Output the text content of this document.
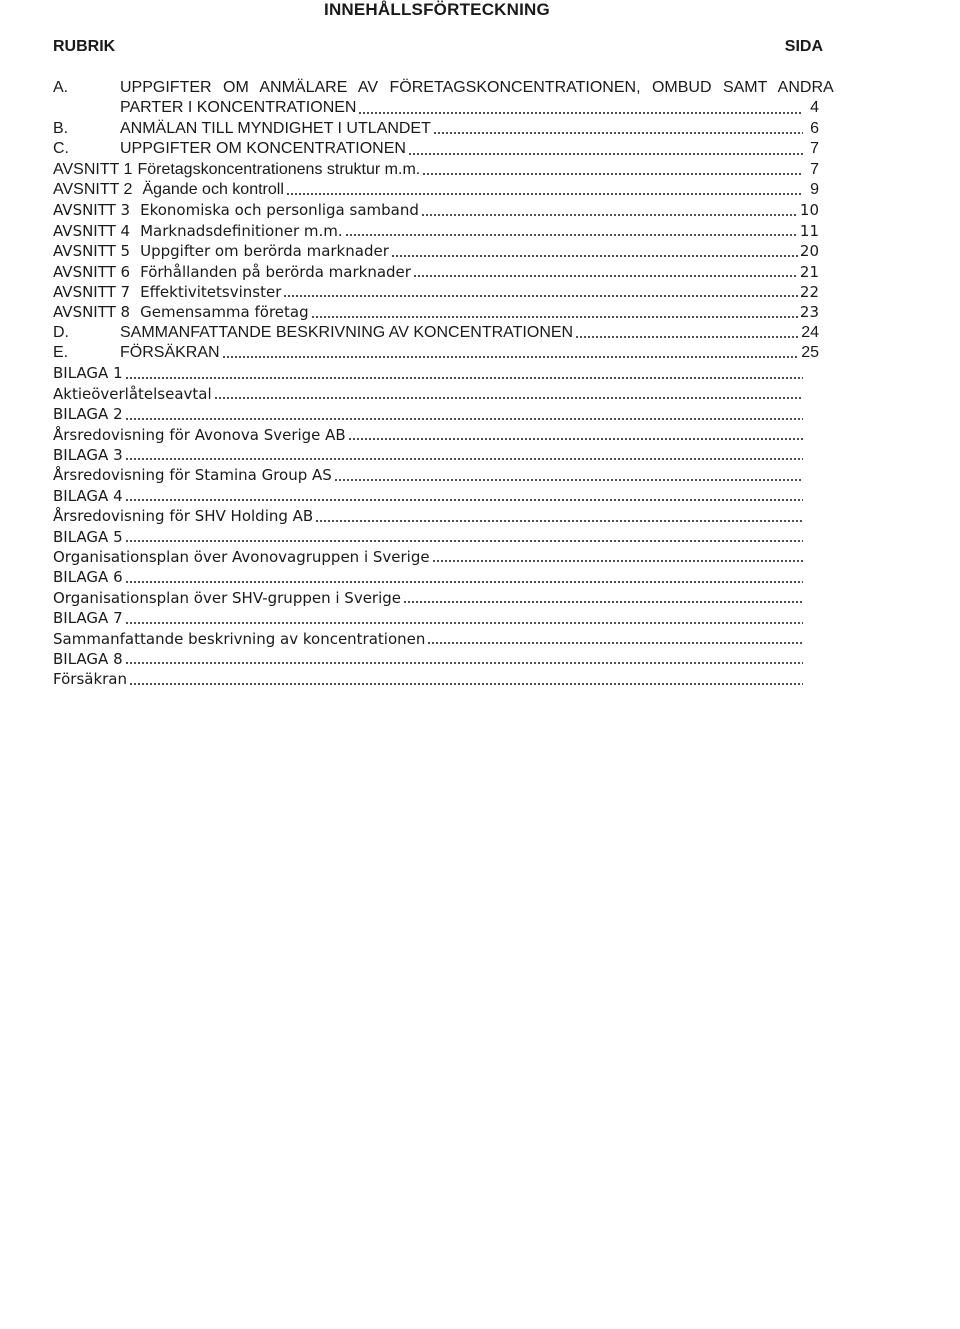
INNEHÅLLSFÖRTECKNING
RUBRIK	SIDA
A.	UPPGIFTER OM ANMÄLARE AV FÖRETAGSKONCENTRATIONEN, OMBUD SAMT ANDRA
PARTER I KONCENTRATIONEN	4
B.	ANMÄLAN TILL MYNDIGHET I UTLANDET	6
C.	UPPGIFTER OM KONCENTRATIONEN	7
AVSNITT 1 Företagskoncentrationens struktur m.m.	7
AVSNITT 2 Ägande och kontroll	9
AVSNITT 3 Ekonomiska och personliga samband	10
AVSNITT 4 Marknadsdefinitioner m.m.	11
AVSNITT 5 Uppgifter om berörda marknader	20
AVSNITT 6 Förhållanden på berörda marknader	21
AVSNITT 7 Effektivitetsvinster	22
AVSNITT 8 Gemensamma företag	23
D.	SAMMANFATTANDE BESKRIVNING AV KONCENTRATIONEN	24
E.	FÖRSÄKRAN	25
BILAGA 1
Aktieöverlåtelseavtal
BILAGA 2
Årsredovisning för Avonova Sverige AB
BILAGA 3
Årsredovisning för Stamina Group AS
BILAGA 4
Årsredovisning för SHV Holding AB
BILAGA 5
Organisationsplan över Avonovagruppen i Sverige
BILAGA 6
Organisationsplan över SHV-gruppen i Sverige
BILAGA 7
Sammanfattande beskrivning av koncentrationen
BILAGA 8
Försäkran
